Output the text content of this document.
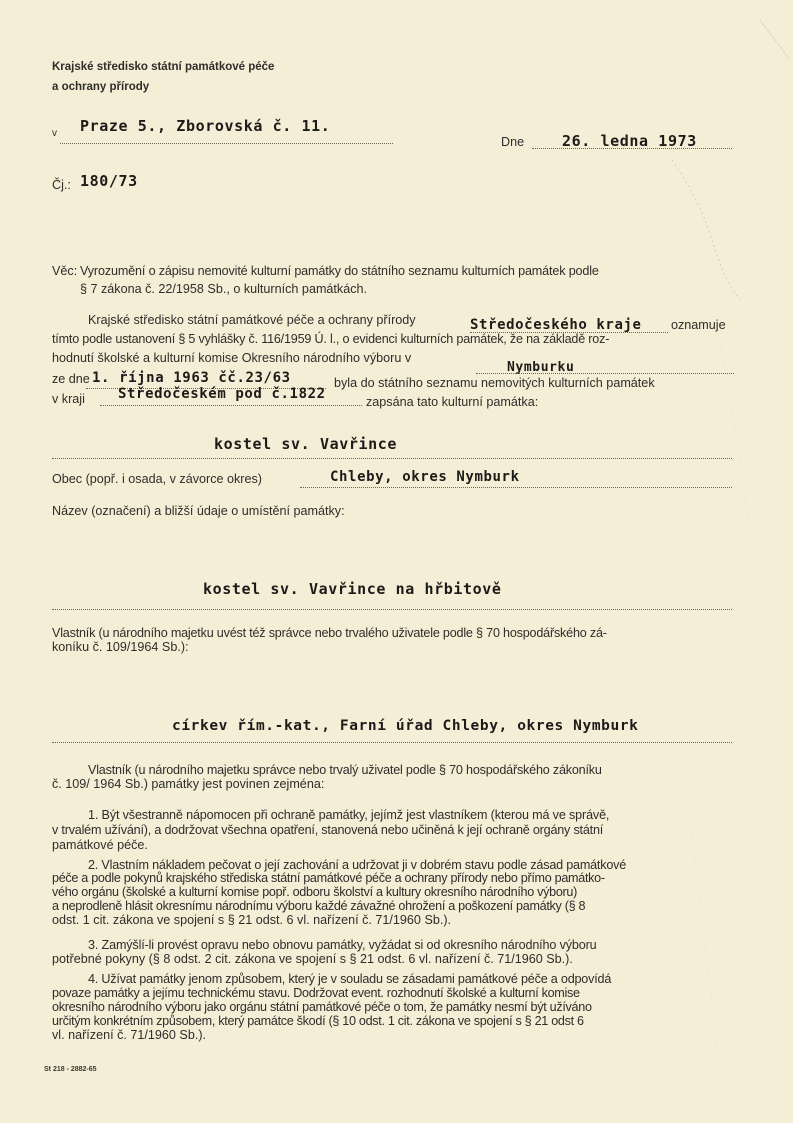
Krajské středisko státní památkové péče
a ochrany přírody
v Praze 5., Zborovská č. 11.
Dne	26. ledna 1973
Čj.: 180/73
Věc: Vyrozumění o zápisu nemovité kulturní památky do státního seznamu kulturních památek podle
§ 7 zákona č. 22/1958 Sb., o kulturních památkách.
Krajské středisko státní památkové péče a ochrany přírody	Středočeského kraje oznamuje
tímto podle ustanovení § 5 vyhlášky č. 116/1959 Ú. l., o evidenci kulturních památek, že na základě roz-
hodnutí školské a kulturní komise Okresního národního výboru v
Nymburku
ze dne 1. října 1963 čč.23/63	byla do státního seznamu nemovitých kulturních památek
v kraji Středočeském pod č.1822	zapsána tato kulturní památka:
kostel sv. Vavřince
Obec (popř. i osada, v závorce okres)	Chleby, okres Nymburk
Název (označení) a bližší údaje o umístění památky:
kostel sv. Vavřince na hřbitově
Vlastník (u národního majetku uvést též správce nebo trvalého uživatele podle § 70 hospodářského zá-
koníku č. 109/1964 Sb.):
církev řím.-kat., Farní úřad Chleby, okres Nymburk
Vlastník (u národního majetku správce nebo trvalý uživatel podle § 70 hospodářského zákoníku
č. 109/ 1964 Sb.) památky jest povinen zejména:
1. Být všestranně nápomocen při ochraně památky, jejímž jest vlastníkem (kterou má ve správě,
v trvalém užívání), a dodržovat všechna opatření, stanovená nebo učiněná k její ochraně orgány státní
památkové péče.
2. Vlastním nákladem pečovat o její zachování a udržovat ji v dobrém stavu podle zásad památkové
péče a podle pokynů krajského střediska státní památkové péče a ochrany přírody nebo přímo památko-
vého orgánu (školské a kulturní komise popř. odboru školství a kultury okresního národního výboru)
a neprodleně hlásit okresnímu národnímu výboru každé závažné ohrožení a poškození památky (§ 8
odst. 1 cit. zákona ve spojení s § 21 odst. 6 vl. nařízení č. 71/1960 Sb.).
3. Zamýšlí-li provést opravu nebo obnovu památky, vyžádat si od okresního národního výboru
potřebné pokyny (§ 8 odst. 2 cit. zákona ve spojení s § 21 odst. 6 vl. nařízení č. 71/1960 Sb.).
4. Užívat památky jenom způsobem, který je v souladu se zásadami památkové péče a odpovídá
povaze památky a jejímu technickému stavu. Dodržovat event. rozhodnutí školské a kulturní komise
okresního národního výboru jako orgánu státní památkové péče o tom, že památky nesmí být užíváno
určitým konkrétním způsobem, který památce škodí (§ 10 odst. 1 cit. zákona ve spojení s § 21 odst 6
vl. nařízení č. 71/1960 Sb.).
St 218 - 2882-65
